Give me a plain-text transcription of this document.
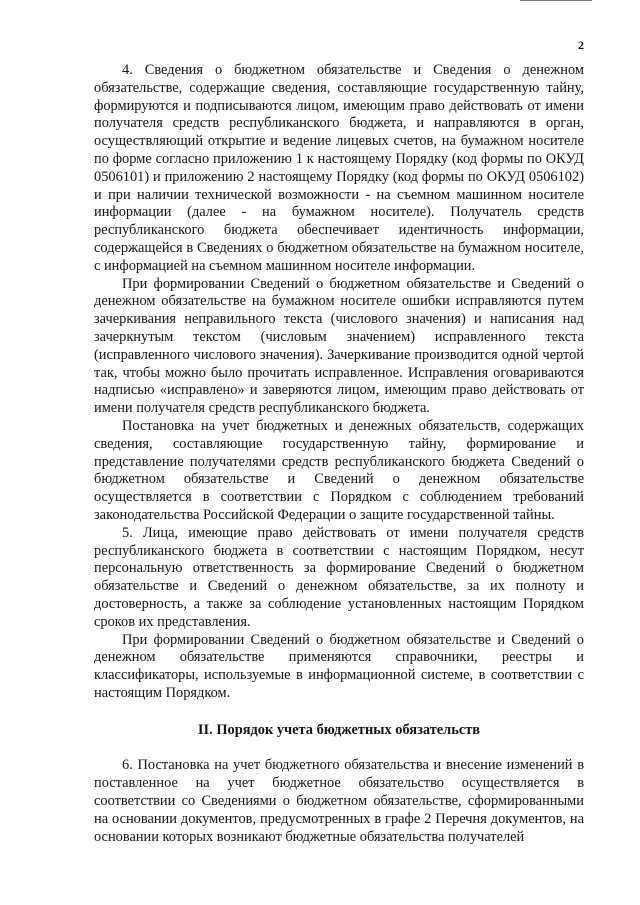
2

4. Сведения о бюджетном обязательстве и Сведения о денежном обязательстве, содержащие сведения, составляющие государственную тайну, формируются и подписываются лицом, имеющим право действовать от имени получателя средств республиканского бюджета, и направляются в орган, осуществляющий открытие и ведение лицевых счетов, на бумажном носителе по форме согласно приложению 1 к настоящему Порядку (код формы по ОКУД 0506101) и приложению 2 настоящему Порядку (код формы по ОКУД 0506102) и при наличии технической возможности - на съемном машинном носителе информации (далее - на бумажном носителе). Получатель средств республиканского бюджета обеспечивает идентичность информации, содержащейся в Сведениях о бюджетном обязательстве на бумажном носителе, с информацией на съемном машинном носителе информации.

При формировании Сведений о бюджетном обязательстве и Сведений о денежном обязательстве на бумажном носителе ошибки исправляются путем зачеркивания неправильного текста (числового значения) и написания над зачеркнутым текстом (числовым значением) исправленного текста (исправленного числового значения). Зачеркивание производится одной чертой так, чтобы можно было прочитать исправленное. Исправления оговариваются надписью «исправлено» и заверяются лицом, имеющим право действовать от имени получателя средств республиканского бюджета.

Постановка на учет бюджетных и денежных обязательств, содержащих сведения, составляющие государственную тайну, формирование и представление получателями средств республиканского бюджета Сведений о бюджетном обязательстве и Сведений о денежном обязательстве осуществляется в соответствии с Порядком с соблюдением требований законодательства Российской Федерации о защите государственной тайны.

5. Лица, имеющие право действовать от имени получателя средств республиканского бюджета в соответствии с настоящим Порядком, несут персональную ответственность за формирование Сведений о бюджетном обязательстве и Сведений о денежном обязательстве, за их полноту и достоверность, а также за соблюдение установленных настоящим Порядком сроков их представления.

При формировании Сведений о бюджетном обязательстве и Сведений о денежном обязательстве применяются справочники, реестры и классификаторы, используемые в информационной системе, в соответствии с настоящим Порядком.

II. Порядок учета бюджетных обязательств

6. Постановка на учет бюджетного обязательства и внесение изменений в поставленное на учет бюджетное обязательство осуществляется в соответствии со Сведениями о бюджетном обязательстве, сформированными на основании документов, предусмотренных в графе 2 Перечня документов, на основании которых возникают бюджетные обязательства получателей
